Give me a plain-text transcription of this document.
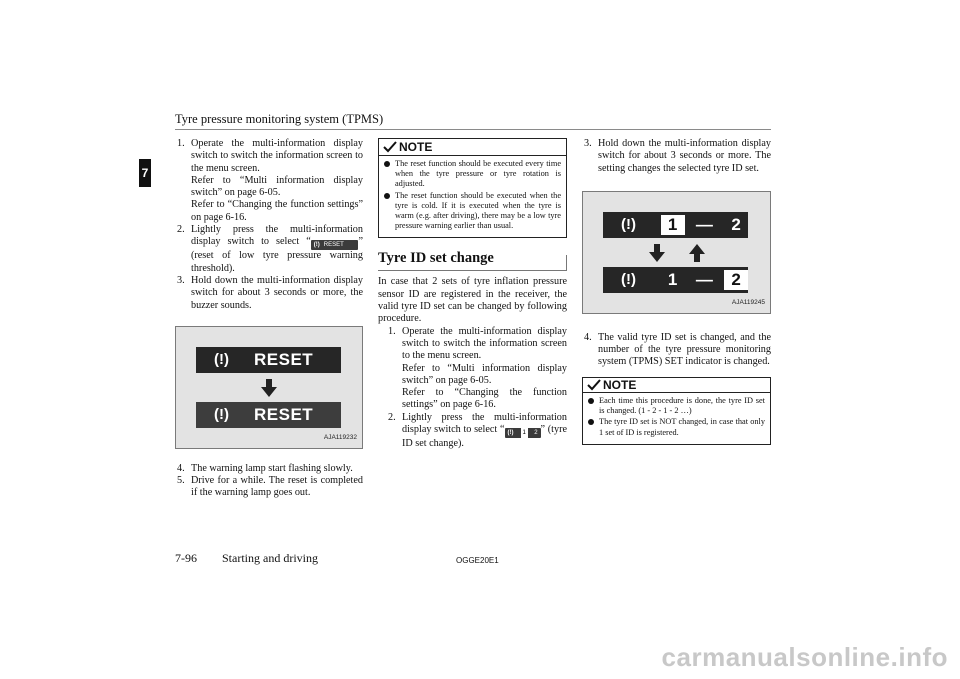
Tyre pressure monitoring system (TPMS)
7
1. Operate the multi-information display switch to switch the information screen to the menu screen.
Refer to “Multi information display switch” on page 6-05.
Refer to “Changing the function settings” on page 6-16.
2. Lightly press the multi-information display switch to select “ (!) RESET ” (reset of low tyre pressure warning threshold).
3. Hold down the multi-information display switch for about 3 seconds or more, the buzzer sounds.
(!)	RESET
(!)	RESET
AJA119232
4. The warning lamp start flashing slowly.
5. Drive for a while. The reset is completed if the warning lamp goes out.
NOTE
The reset function should be executed every time when the tyre pressure or tyre rotation is adjusted.
The reset function should be executed when the tyre is cold. If it is executed when the tyre is warm (e.g. after driving), there may be a low tyre pressure warning earlier than usual.
Tyre ID set change
In case that 2 sets of tyre inflation pressure sensor ID are registered in the receiver, the valid tyre ID set can be changed by following procedure.
1. Operate the multi-information display switch to switch the information screen to the menu screen.
Refer to “Multi information display switch” on page 6-05.
Refer to “Changing the function settings” on page 6-16.
2. Lightly press the multi-information display switch to select “ (!) 1 2 ” (tyre ID set change).
3. Hold down the multi-information display switch for about 3 seconds or more. The setting changes the selected tyre ID set.
(!)	1	—	2
(!)	1	—	2
AJA119245
4. The valid tyre ID set is changed, and the number of the tyre pressure monitoring system (TPMS) SET indicator is changed.
NOTE
Each time this procedure is done, the tyre ID set is changed. (1 - 2 - 1 - 2 …)
The tyre ID set is NOT changed, in case that only 1 set of ID is registered.
7-96 Starting and driving	OGGE20E1
carmanualsonline.info
